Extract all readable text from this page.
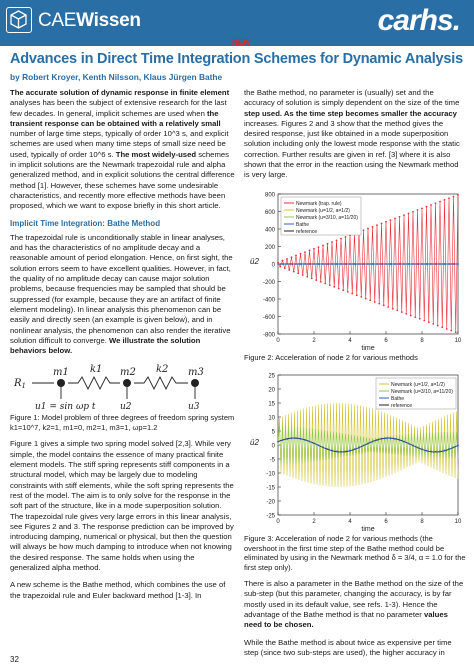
CAEWissen	carhs.
NEW
Advances in Direct Time Integration Schemes for Dynamic Analysis
by Robert Kroyer, Kenth Nilsson, Klaus Jürgen Bathe

The accurate solution of dynamic response in finite element analyses has been the subject of extensive research for the last few decades. In general, implicit schemes are used when the transient response can be obtained with a relatively small number of large time steps, typically of order 10^3 s, and explicit schemes are used when many time steps of small size need be used, typically of order 10^6 s. The most widely-used schemes in implicit solutions are the Newmark trapezoidal rule and alpha generalized method, and in explicit solutions the central difference method [1]. However, these schemes have some undesirable characteristics, and recently more effective methods have been proposed, which we want to expose briefly in this short article.

Implicit Time Integration: Bathe Method

The trapezoidal rule is unconditionally stable in linear analyses, and has the characteristics of no amplitude decay and a reasonable amount of period elongation. Hence, on first sight, the solution errors seem to have excellent qualities. However, in fact, the quality of no amplitude decay can cause major solution problems, because frequencies may be sampled that should be suppressed (for example, because they are an artifact of finite element modeling). In linear analysis this phenomenon can be easily and directly seen (an example is given below), and in nonlinear analysis, the phenomenon can also render the iterative solution difficult to converge. We illustrate the solution behaviors below.

$R_1$
m1 k1 m2 k2 m3
u1 = sin ωp t	u2	u3

Figure 1: Model problem of three degrees of freedom spring system k1=10^7, k2=1, m1=0, m2=1, m3=1, ωp=1.2

Figure 1 gives a simple two spring model solved [2,3]. While very simple, the model contains the essence of many practical finite element models. The stiff spring represents stiff components in a structural model, which may be largely due to modeling constraints with stiff elements, while the soft spring represents the rest of the model. The aim is to only solve for the response in the soft part of the structure, like in a mode superposition solution. The trapezoidal rule gives very large errors in this linear analysis, see Figures 2 and 3. The response prediction can be improved by introducing damping, numerical or physical, but then the question will always be how much damping to introduce when not knowing the desired response. The same holds when using the generalized alpha method.

A new scheme is the Bathe method, which combines the use of the trapezoidal rule and Euler backward method [1-3]. In

the Bathe method, no parameter is (usually) set and the accuracy of solution is simply dependent on the size of the time step used. As the time step becomes smaller the accuracy increases. Figures 2 and 3 show that the method gives the desired response, just like obtained in a mode superposition solution including only the lowest mode response with the static correction. Further results are given in ref. [3] where it is also shown that the error in the reaction using the Newmark method is very large.

-800
-600
-400
-200
0
200
400
600
800
0	2	4	6	8	10
time
ü2
Newmark (trap. rule)
Newmark (u=1/2, a=1/2)
Newmark (u=3/10, a=11/20)
Bathe
reference

Figure 2: Acceleration of node 2 for various methods

-25
-20
-15
-10
-5
0
5
10
15
20
25
0	2	4	6	8	10
time
ü2
Newmark (u=1/2, a=1/2)
Newmark (u=3/10, a=11/20)
Bathe
reference

Figure 3: Acceleration of node 2 for various methods (the overshoot in the first time step of the Bathe method could be eliminated by using in the Newmark method δ = 3/4, α = 1.0 for the first step only).

There is also a parameter in the Bathe method on the size of the sub-step (but this parameter, changing the accuracy, is by far mostly used in its default value, see refs. 1-3). Hence the advantage of the Bathe method is that no parameter values need to be chosen.

While the Bathe method is about twice as expensive per time step (since two sub-steps are used), the higher accuracy in

32
